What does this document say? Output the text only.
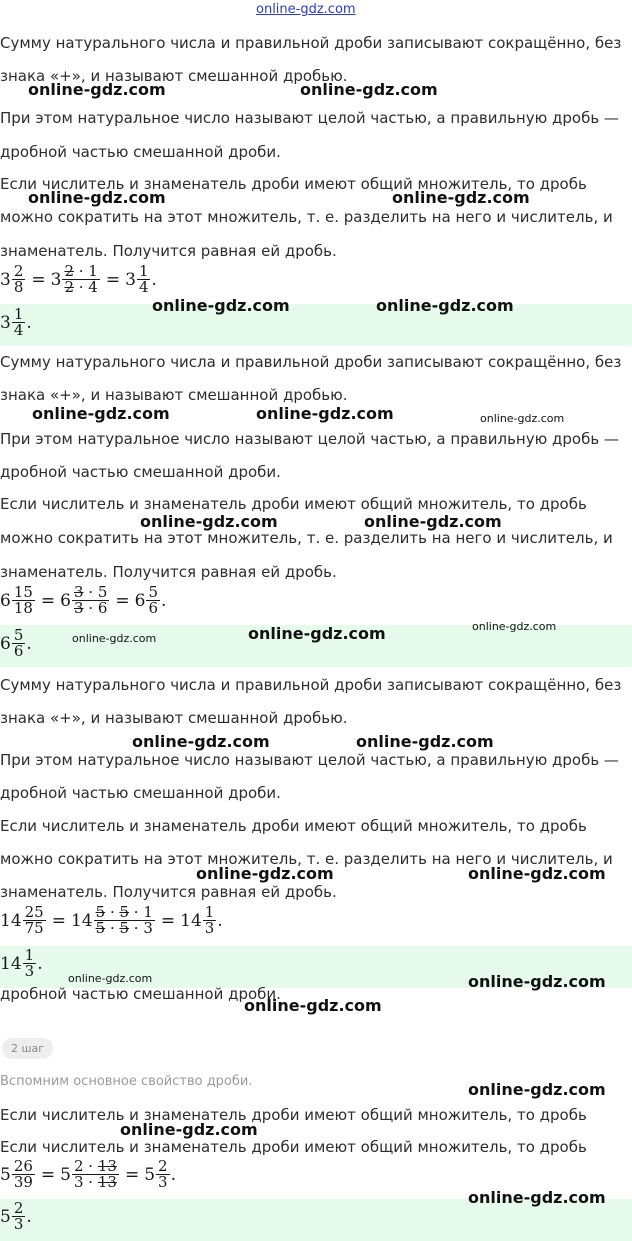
online-gdz.com
Сумму натурального числа и правильной дроби записывают сокращённо, без
знака «+», и называют смешанной дробью.
При этом натуральное число называют целой частью, а правильную дробь —
дробной частью смешанной дроби.
Если числитель и знаменатель дроби имеют общий множитель, то дробь
можно сократить на этот множитель, т. е. разделить на него и числитель, и
знаменатель. Получится равная ей дробь.
$3 \frac{2}{8} = 3 \frac{2 \cdot 1}{2 \cdot 4} = 3 \frac{1}{4}$ .
$3 \frac{1}{4}$ .
Сумму натурального числа и правильной дроби записывают сокращённо, без
знака «+», и называют смешанной дробью.
При этом натуральное число называют целой частью, а правильную дробь —
дробной частью смешанной дроби.
Если числитель и знаменатель дроби имеют общий множитель, то дробь
можно сократить на этот множитель, т. е. разделить на него и числитель, и
знаменатель. Получится равная ей дробь.
$6 \frac{15}{18} = 6 \frac{3 \cdot 5}{3 \cdot 6} = 6 \frac{5}{6}$ .
$6 \frac{5}{6}$ .
Сумму натурального числа и правильной дроби записывают сокращённо, без
знака «+», и называют смешанной дробью.
При этом натуральное число называют целой частью, а правильную дробь —
дробной частью смешанной дроби.
Если числитель и знаменатель дроби имеют общий множитель, то дробь
можно сократить на этот множитель, т. е. разделить на него и числитель, и
знаменатель. Получится равная ей дробь.
$14 \frac{25}{75} = 14 \frac{5 \cdot 5 \cdot 1}{5 \cdot 5 \cdot 3} = 14 \frac{1}{3}$ .
$14 \frac{1}{3}$ .
дробной частью смешанной дроби.
2 шаг
Вспомним основное свойство дроби.
Если числитель и знаменатель дроби имеют общий множитель, то дробь
Если числитель и знаменатель дроби имеют общий множитель, то дробь
$5 \frac{26}{39} = 5 \frac{2 \cdot 13}{3 \cdot 13} = 5 \frac{2}{3}$ .
$5 \frac{2}{3}$ .
online-gdz.com	online-gdz.com
online-gdz.com	online-gdz.com
online-gdz.com	online-gdz.com
online-gdz.com	online-gdz.com	online-gdz.com
online-gdz.com	online-gdz.com
online-gdz.com
online-gdz.com
online-gdz.com
online-gdz.com	online-gdz.com
online-gdz.com	online-gdz.com
online-gdz.com	online-gdz.com
online-gdz.com
online-gdz.com
online-gdz.com
online-gdz.com
